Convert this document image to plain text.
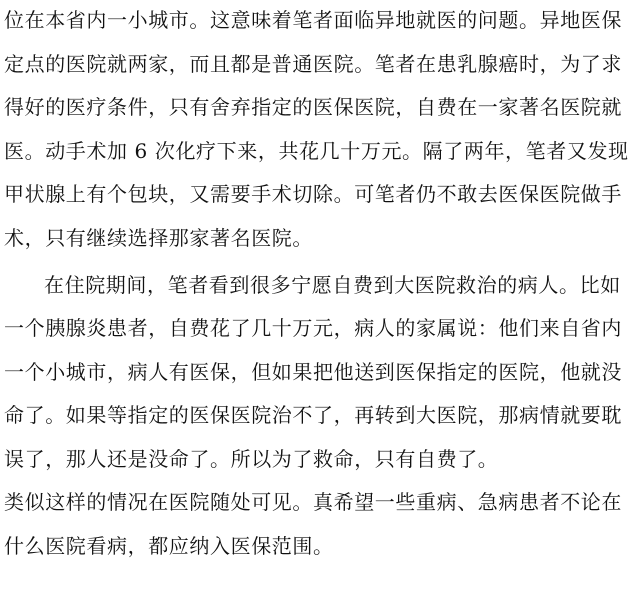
位在本省内一小城市。这意味着笔者面临异地就医的问题。异地医保
定点的医院就两家，而且都是普通医院。笔者在患乳腺癌时，为了求
得好的医疗条件，只有舍弃指定的医保医院，自费在一家著名医院就
医。动手术加 6 次化疗下来，共花几十万元。隔了两年，笔者又发现
甲状腺上有个包块，又需要手术切除。可笔者仍不敢去医保医院做手
术，只有继续选择那家著名医院。
在住院期间，笔者看到很多宁愿自费到大医院救治的病人。比如
一个胰腺炎患者，自费花了几十万元，病人的家属说：他们来自省内
一个小城市，病人有医保，但如果把他送到医保指定的医院，他就没
命了。如果等指定的医保医院治不了，再转到大医院，那病情就要耽
误了，那人还是没命了。所以为了救命，只有自费了。
类似这样的情况在医院随处可见。真希望一些重病、急病患者不论在
什么医院看病，都应纳入医保范围。
